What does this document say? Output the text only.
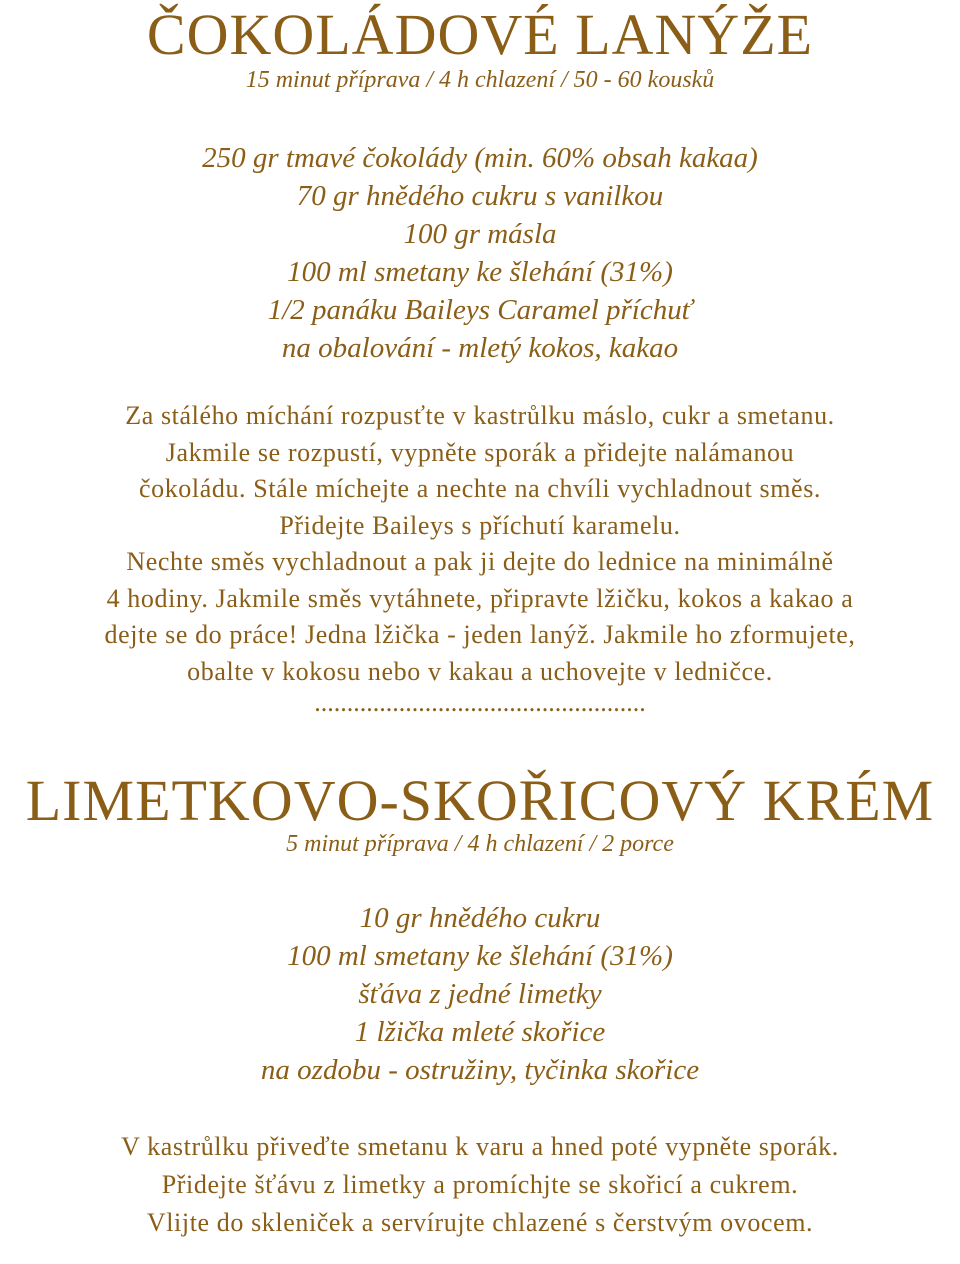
ČOKOLÁDOVÉ LANÝŽE

15 minut příprava / 4 h chlazení / 50 - 60 kousků

250 gr tmavé čokolády (min. 60% obsah kakaa)
70 gr hnědého cukru s vanilkou
100 gr másla
100 ml smetany ke šlehání (31%)
1/2 panáku Baileys Caramel příchuť
na obalování - mletý kokos, kakao

Za stálého míchání rozpusťte v kastrůlku máslo, cukr a smetanu.

Jakmile se rozpustí, vypněte sporák a přidejte nalámanou

čokoládu. Stále míchejte a nechte na chvíli vychladnout směs.

Přidejte Baileys s příchutí karamelu.

Nechte směs vychladnout a pak ji dejte do lednice na minimálně

4 hodiny. Jakmile směs vytáhnete, připravte lžičku, kokos a kakao a

dejte se do práce! Jedna lžička - jeden lanýž. Jakmile ho zformujete,

obalte v kokosu nebo v kakau a uchovejte v ledničce.

...................................................

LIMETKOVO-SKOŘICOVÝ KRÉM

5 minut příprava / 4 h chlazení / 2 porce

10 gr hnědého cukru
100 ml smetany ke šlehání (31%)
šťáva z jedné limetky
1 lžička mleté skořice
na ozdobu - ostružiny, tyčinka skořice

V kastrůlku přiveďte smetanu k varu a hned poté vypněte sporák.

Přidejte šťávu z limetky a promíchjte se skořicí a cukrem.

Vlijte do skleniček a servírujte chlazené s čerstvým ovocem.
